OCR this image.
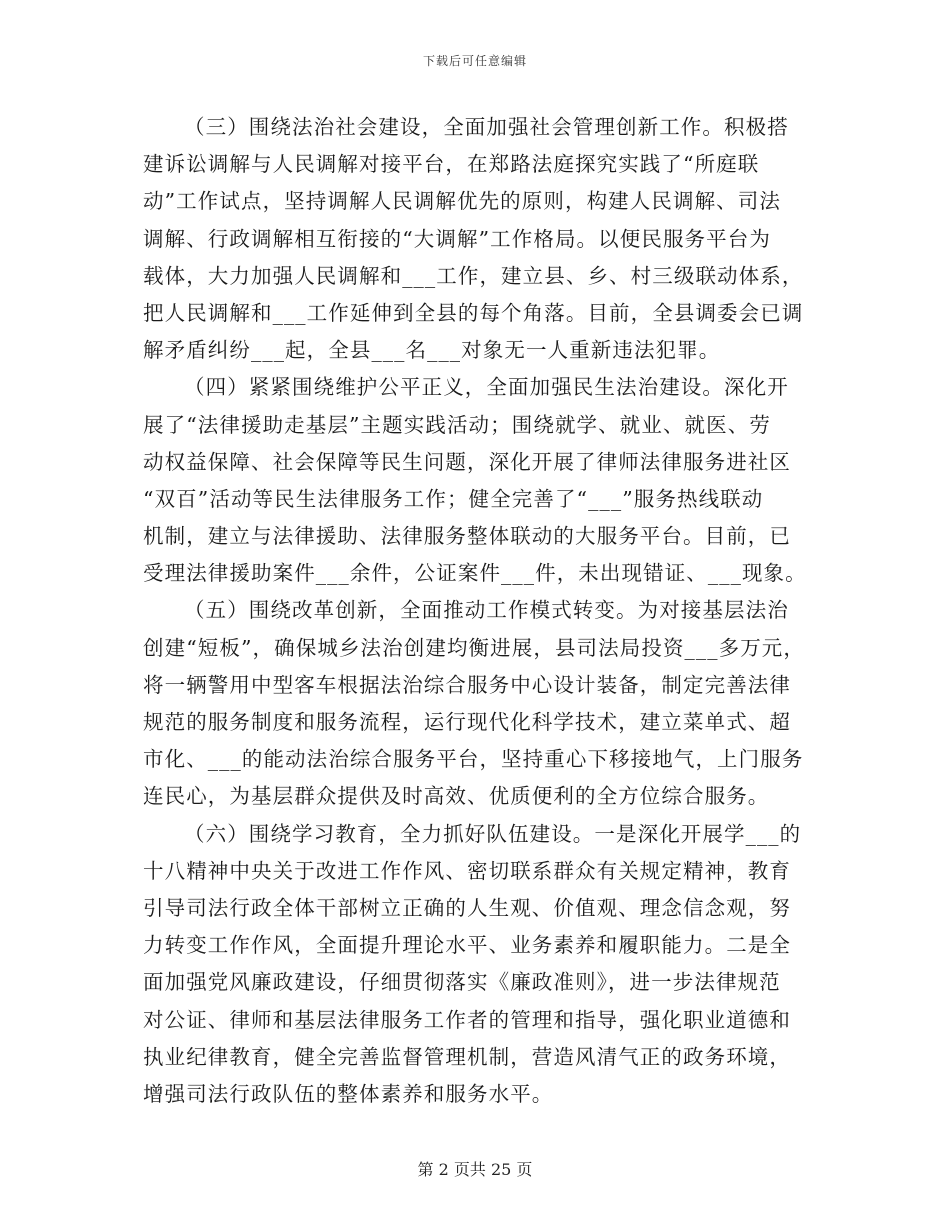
下载后可任意编辑
（三）围绕法治社会建设，全面加强社会管理创新工作。积极搭
建诉讼调解与人民调解对接平台，在郑路法庭探究实践了“所庭联
动”工作试点，坚持调解人民调解优先的原则，构建人民调解、司法
调解、行政调解相互衔接的“大调解”工作格局。以便民服务平台为
载体，大力加强人民调解和___工作，建立县、乡、村三级联动体系，
把人民调解和___工作延伸到全县的每个角落。目前，全县调委会已调
解矛盾纠纷___起，全县___名___对象无一人重新违法犯罪。
（四）紧紧围绕维护公平正义，全面加强民生法治建设。深化开
展了“法律援助走基层”主题实践活动；围绕就学、就业、就医、劳
动权益保障、社会保障等民生问题，深化开展了律师法律服务进社区
“双百”活动等民生法律服务工作；健全完善了“___”服务热线联动
机制，建立与法律援助、法律服务整体联动的大服务平台。目前，已
受理法律援助案件___余件，公证案件___件，未出现错证、___现象。
（五）围绕改革创新，全面推动工作模式转变。为对接基层法治
创建“短板”，确保城乡法治创建均衡进展，县司法局投资___多万元，
将一辆警用中型客车根据法治综合服务中心设计装备，制定完善法律
规范的服务制度和服务流程，运行现代化科学技术，建立菜单式、超
市化、___的能动法治综合服务平台，坚持重心下移接地气，上门服务
连民心，为基层群众提供及时高效、优质便利的全方位综合服务。
（六）围绕学习教育，全力抓好队伍建设。一是深化开展学___的
十八精神中央关于改进工作作风、密切联系群众有关规定精神，教育
引导司法行政全体干部树立正确的人生观、价值观、理念信念观，努
力转变工作作风，全面提升理论水平、业务素养和履职能力。二是全
面加强党风廉政建设，仔细贯彻落实《廉政准则》，进一步法律规范
对公证、律师和基层法律服务工作者的管理和指导，强化职业道德和
执业纪律教育，健全完善监督管理机制，营造风清气正的政务环境，
增强司法行政队伍的整体素养和服务水平。
第 2 页共 25 页
